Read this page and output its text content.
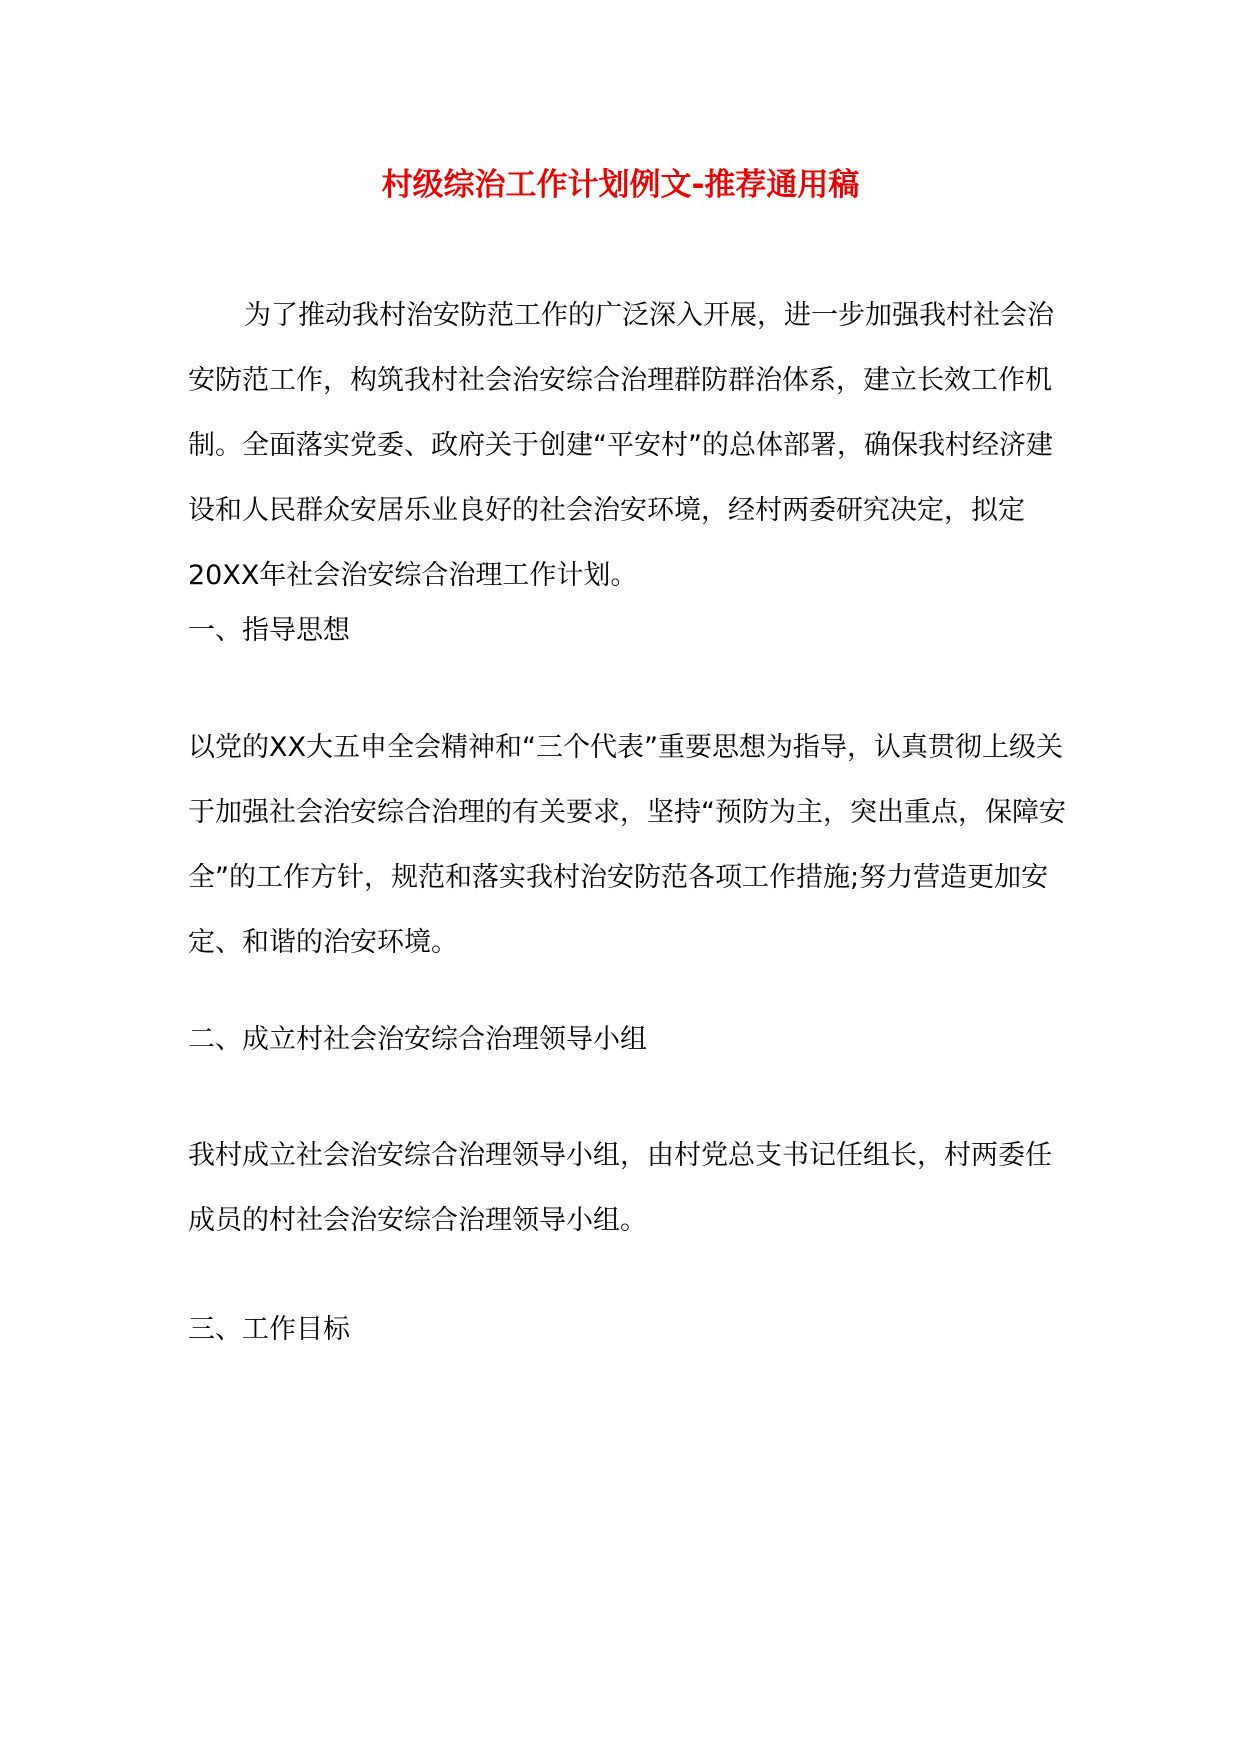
村级综治工作计划例文-推荐通用稿

为了推动我村治安防范工作的广泛深入开展，进一步加强我村社会治安防范工作，构筑我村社会治安综合治理群防群治体系，建立长效工作机制。全面落实党委、政府关于创建“平安村”的总体部署，确保我村经济建设和人民群众安居乐业良好的社会治安环境，经村两委研究决定，拟定20XX年社会治安综合治理工作计划。

一、指导思想

以党的XX大五申全会精神和“三个代表”重要思想为指导，认真贯彻上级关于加强社会治安综合治理的有关要求，坚持“预防为主，突出重点，保障安全”的工作方针，规范和落实我村治安防范各项工作措施;努力营造更加安定、和谐的治安环境。

二、成立村社会治安综合治理领导小组

我村成立社会治安综合治理领导小组，由村党总支书记任组长，村两委任成员的村社会治安综合治理领导小组。

三、工作目标
